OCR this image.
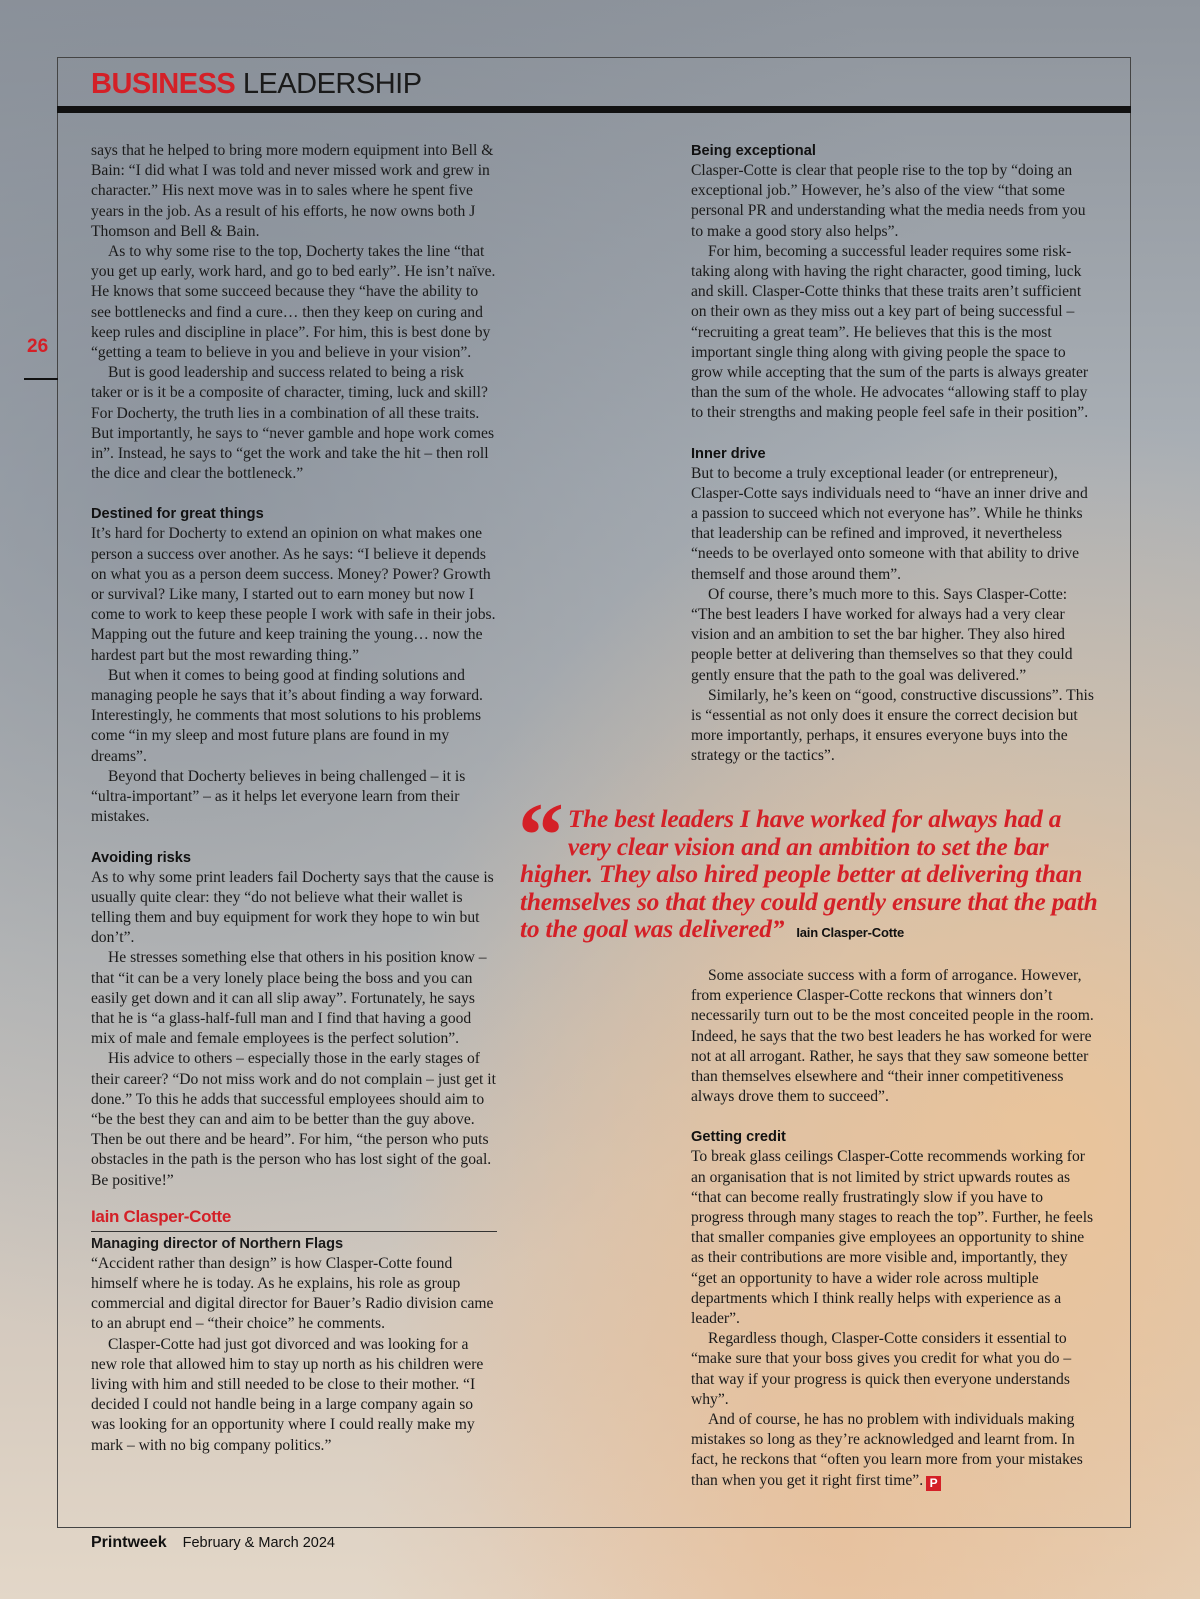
BUSINESS LEADERSHIP
26

says that he helped to bring more modern equipment into Bell & Bain: “I did what I was told and never missed work and grew in character.” His next move was in to sales where he spent five years in the job. As a result of his efforts, he now owns both J Thomson and Bell & Bain.

As to why some rise to the top, Docherty takes the line “that you get up early, work hard, and go to bed early”. He isn’t naïve. He knows that some succeed because they “have the ability to see bottlenecks and find a cure… then they keep on curing and keep rules and discipline in place”. For him, this is best done by “getting a team to believe in you and believe in your vision”.

But is good leadership and success related to being a risk taker or is it be a composite of character, timing, luck and skill? For Docherty, the truth lies in a combination of all these traits. But importantly, he says to “never gamble and hope work comes in”. Instead, he says to “get the work and take the hit – then roll the dice and clear the bottleneck.”

Destined for great things

It’s hard for Docherty to extend an opinion on what makes one person a success over another. As he says: “I believe it depends on what you as a person deem success. Money? Power? Growth or survival? Like many, I started out to earn money but now I come to work to keep these people I work with safe in their jobs. Mapping out the future and keep training the young… now the hardest part but the most rewarding thing.”

But when it comes to being good at finding solutions and managing people he says that it’s about finding a way forward. Interestingly, he comments that most solutions to his problems come “in my sleep and most future plans are found in my dreams”.

Beyond that Docherty believes in being challenged – it is “ultra-important” – as it helps let everyone learn from their mistakes.

Avoiding risks

As to why some print leaders fail Docherty says that the cause is usually quite clear: they “do not believe what their wallet is telling them and buy equipment for work they hope to win but don’t”.

He stresses something else that others in his position know – that “it can be a very lonely place being the boss and you can easily get down and it can all slip away”. Fortunately, he says that he is “a glass-half-full man and I find that having a good mix of male and female employees is the perfect solution”.

His advice to others – especially those in the early stages of their career? “Do not miss work and do not complain – just get it done.” To this he adds that successful employees should aim to “be the best they can and aim to be better than the guy above. Then be out there and be heard”. For him, “the person who puts obstacles in the path is the person who has lost sight of the goal. Be positive!”

Iain Clasper-Cotte
Managing director of Northern Flags

“Accident rather than design” is how Clasper-Cotte found himself where he is today. As he explains, his role as group commercial and digital director for Bauer’s Radio division came to an abrupt end – “their choice” he comments.

Clasper-Cotte had just got divorced and was looking for a new role that allowed him to stay up north as his children were living with him and still needed to be close to their mother. “I decided I could not handle being in a large company again so was looking for an opportunity where I could really make my mark – with no big company politics.”

Being exceptional

Clasper-Cotte is clear that people rise to the top by “doing an exceptional job.” However, he’s also of the view “that some personal PR and understanding what the media needs from you to make a good story also helps”.

For him, becoming a successful leader requires some risk-taking along with having the right character, good timing, luck and skill. Clasper-Cotte thinks that these traits aren’t sufficient on their own as they miss out a key part of being successful – “recruiting a great team”. He believes that this is the most important single thing along with giving people the space to grow while accepting that the sum of the parts is always greater than the sum of the whole. He advocates “allowing staff to play to their strengths and making people feel safe in their position”.

Inner drive

But to become a truly exceptional leader (or entrepreneur), Clasper-Cotte says individuals need to “have an inner drive and a passion to succeed which not everyone has”. While he thinks that leadership can be refined and improved, it nevertheless “needs to be overlayed onto someone with that ability to drive themself and those around them”.

Of course, there’s much more to this. Says Clasper-Cotte: “The best leaders I have worked for always had a very clear vision and an ambition to set the bar higher. They also hired people better at delivering than themselves so that they could gently ensure that the path to the goal was delivered.”

Similarly, he’s keen on “good, constructive discussions”. This is “essential as not only does it ensure the correct decision but more importantly, perhaps, it ensures everyone buys into the strategy or the tactics”.

“ The best leaders I have worked for always had a very clear vision and an ambition to set the bar higher. They also hired people better at delivering than themselves so that they could gently ensure that the path to the goal was delivered” Iain Clasper-Cotte

Some associate success with a form of arrogance. However, from experience Clasper-Cotte reckons that winners don’t necessarily turn out to be the most conceited people in the room. Indeed, he says that the two best leaders he has worked for were not at all arrogant. Rather, he says that they saw someone better than themselves elsewhere and “their inner competitiveness always drove them to succeed”.

Getting credit

To break glass ceilings Clasper-Cotte recommends working for an organisation that is not limited by strict upwards routes as “that can become really frustratingly slow if you have to progress through many stages to reach the top”. Further, he feels that smaller companies give employees an opportunity to shine as their contributions are more visible and, importantly, they “get an opportunity to have a wider role across multiple departments which I think really helps with experience as a leader”.

Regardless though, Clasper-Cotte considers it essential to “make sure that your boss gives you credit for what you do – that way if your progress is quick then everyone understands why”.

And of course, he has no problem with individuals making mistakes so long as they’re acknowledged and learnt from. In fact, he reckons that “often you learn more from your mistakes than when you get it right first time”. P

Printweek February & March 2024
